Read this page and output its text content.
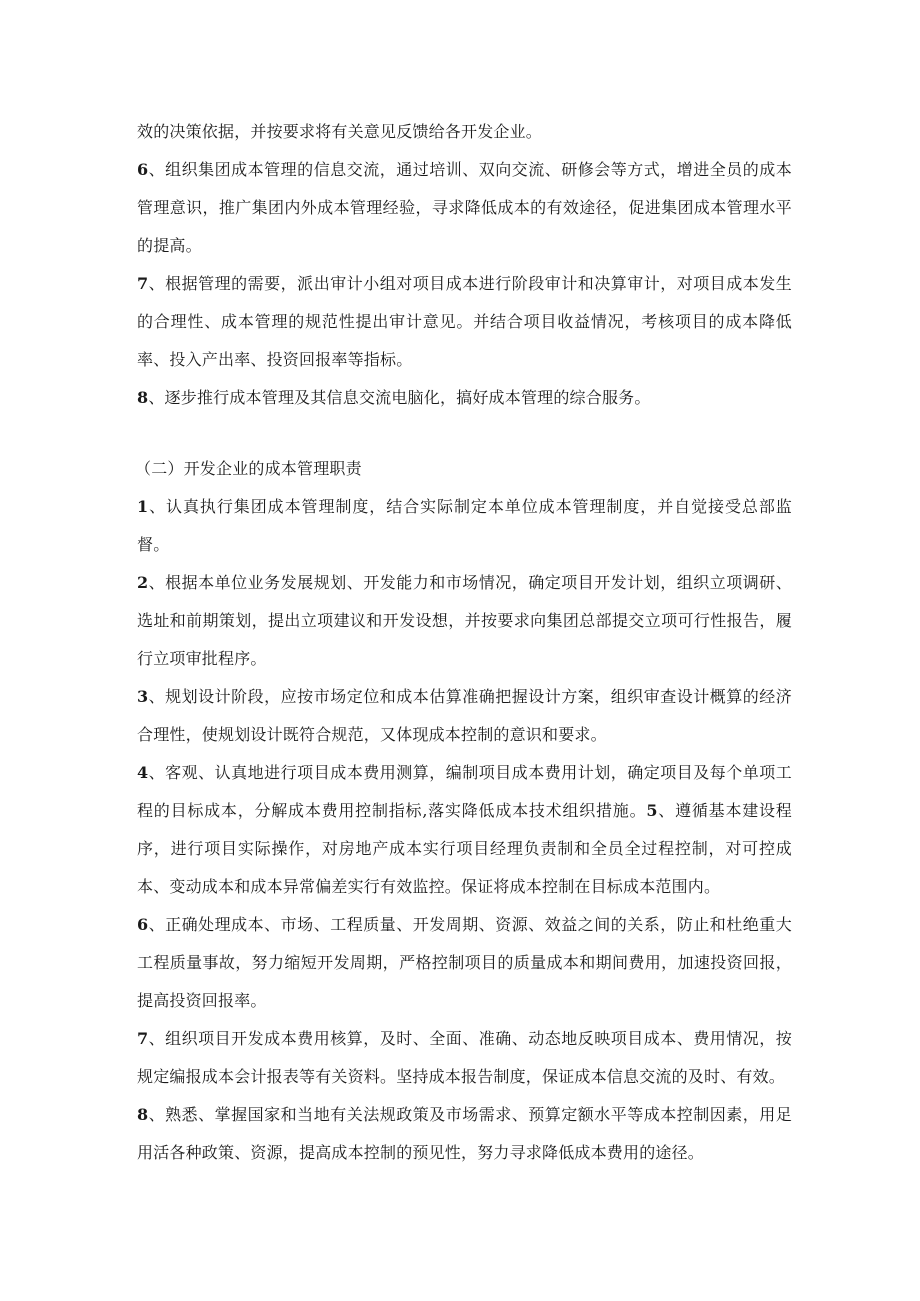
效的决策依据，并按要求将有关意见反馈给各开发企业。

6、组织集团成本管理的信息交流，通过培训、双向交流、研修会等方式，增进全员的成本管理意识，推广集团内外成本管理经验，寻求降低成本的有效途径，促进集团成本管理水平的提高。

7、根据管理的需要，派出审计小组对项目成本进行阶段审计和决算审计，对项目成本发生的合理性、成本管理的规范性提出审计意见。并结合项目收益情况，考核项目的成本降低率、投入产出率、投资回报率等指标。

8、逐步推行成本管理及其信息交流电脑化，搞好成本管理的综合服务。

（二）开发企业的成本管理职责

1、认真执行集团成本管理制度，结合实际制定本单位成本管理制度，并自觉接受总部监督。

2、根据本单位业务发展规划、开发能力和市场情况，确定项目开发计划，组织立项调研、选址和前期策划，提出立项建议和开发设想，并按要求向集团总部提交立项可行性报告，履行立项审批程序。

3、规划设计阶段，应按市场定位和成本估算准确把握设计方案，组织审查设计概算的经济合理性，使规划设计既符合规范，又体现成本控制的意识和要求。

4、客观、认真地进行项目成本费用测算，编制项目成本费用计划，确定项目及每个单项工程的目标成本，分解成本费用控制指标,落实降低成本技术组织措施。5、遵循基本建设程序，进行项目实际操作，对房地产成本实行项目经理负责制和全员全过程控制，对可控成本、变动成本和成本异常偏差实行有效监控。保证将成本控制在目标成本范围内。

6、正确处理成本、市场、工程质量、开发周期、资源、效益之间的关系，防止和杜绝重大工程质量事故，努力缩短开发周期，严格控制项目的质量成本和期间费用，加速投资回报，提高投资回报率。

7、组织项目开发成本费用核算，及时、全面、准确、动态地反映项目成本、费用情况，按规定编报成本会计报表等有关资料。坚持成本报告制度，保证成本信息交流的及时、有效。

8、熟悉、掌握国家和当地有关法规政策及市场需求、预算定额水平等成本控制因素，用足用活各种政策、资源，提高成本控制的预见性，努力寻求降低成本费用的途径。
